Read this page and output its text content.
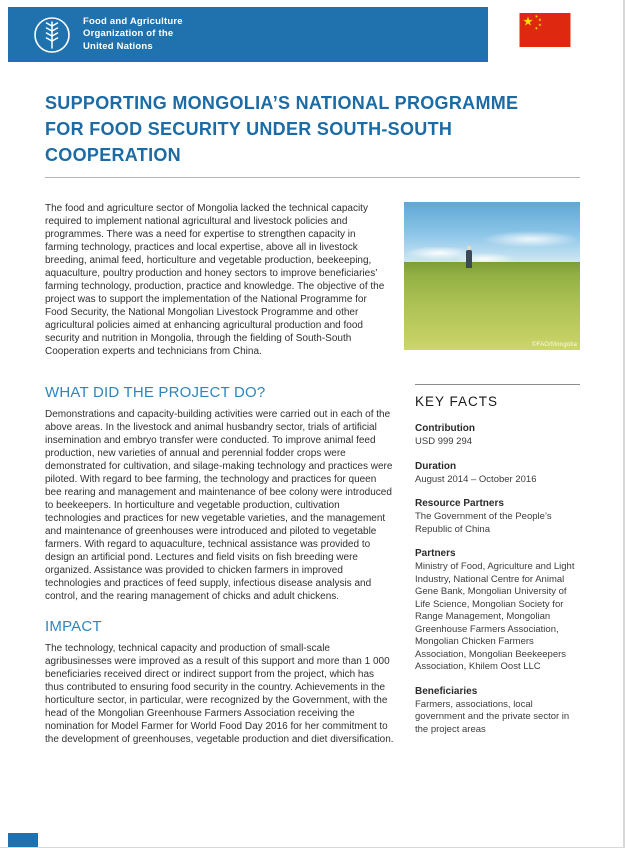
Food and Agriculture
Organization of the
United Nations
SUPPORTING MONGOLIA’S NATIONAL PROGRAMME
FOR FOOD SECURITY UNDER SOUTH-SOUTH COOPERATION

The food and agriculture sector of Mongolia lacked the technical capacity required to implement national agricultural and livestock policies and programmes. There was a need for expertise to strengthen capacity in farming technology, practices and local expertise, above all in livestock breeding, animal feed, horticulture and vegetable production, beekeeping, aquaculture, poultry production and honey sectors to improve beneficiaries’ farming technology, production, practice and knowledge. The objective of the project was to support the implementation of the National Programme for Food Security, the National Mongolian Livestock Programme and other agricultural policies aimed at enhancing agricultural production and food security and nutrition in Mongolia, through the fielding of South-South Cooperation experts and technicians from China.

©FAO/Mongolia
WHAT DID THE PROJECT DO?

Demonstrations and capacity-building activities were carried out in each of the above areas. In the livestock and animal husbandry sector, trials of artificial insemination and embryo transfer were conducted. To improve animal feed production, new varieties of annual and perennial fodder crops were demonstrated for cultivation, and silage-making technology and practices were piloted. With regard to bee farming, the technology and practices for queen bee rearing and management and maintenance of bee colony were introduced to beekeepers. In horticulture and vegetable production, cultivation technologies and practices for new vegetable varieties, and the management and maintenance of greenhouses were introduced and piloted to vegetable farmers. With regard to aquaculture, technical assistance was provided to design an artificial pond. Lectures and field visits on fish breeding were organized. Assistance was provided to chicken farmers in improved technologies and practices of feed supply, infectious disease analysis and control, and the rearing management of chicks and adult chickens.

IMPACT

The technology, technical capacity and production of small-scale agribusinesses were improved as a result of this support and more than 1 000 beneficiaries received direct or indirect support from the project, which has thus contributed to ensuring food security in the country. Achievements in the horticulture sector, in particular, were recognized by the Government, with the head of the Mongolian Greenhouse Farmers Association receiving the nomination for Model Farmer for World Food Day 2016 for her commitment to the development of greenhouses, vegetable production and diet diversification.

KEY FACTS
Contribution
USD 999 294
Duration
August 2014 – October 2016
Resource Partners
The Government of the People’s Republic of China
Partners
Ministry of Food, Agriculture and Light Industry, National Centre for Animal Gene Bank, Mongolian University of Life Science, Mongolian Society for Range Management, Mongolian Greenhouse Farmers Association, Mongolian Chicken Farmers Association, Mongolian Beekeepers Association, Khilem Oost LLC
Beneficiaries
Farmers, associations, local government and the private sector in the project areas
